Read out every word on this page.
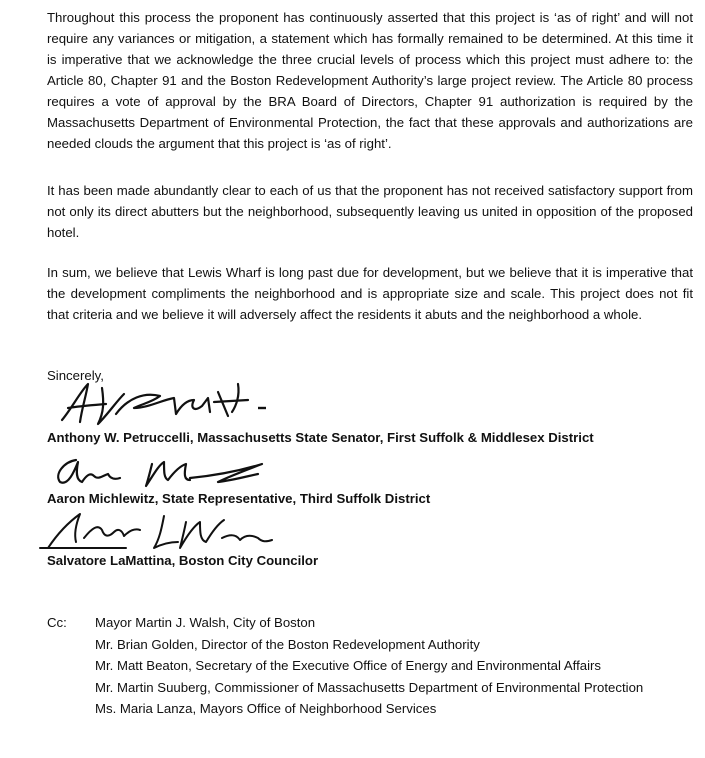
Throughout this process the proponent has continuously asserted that this project is ‘as of right’ and will not require any variances or mitigation, a statement which has formally remained to be determined. At this time it is imperative that we acknowledge the three crucial levels of process which this project must adhere to: the Article 80, Chapter 91 and the Boston Redevelopment Authority’s large project review. The Article 80 process requires a vote of approval by the BRA Board of Directors, Chapter 91 authorization is required by the Massachusetts Department of Environmental Protection, the fact that these approvals and authorizations are needed clouds the argument that this project is ‘as of right’.

It has been made abundantly clear to each of us that the proponent has not received satisfactory support from not only its direct abutters but the neighborhood, subsequently leaving us united in opposition of the proposed hotel.

In sum, we believe that Lewis Wharf is long past due for development, but we believe that it is imperative that the development compliments the neighborhood and is appropriate size and scale. This project does not fit that criteria and we believe it will adversely affect the residents it abuts and the neighborhood a whole.

Sincerely,

Anthony W. Petruccelli, Massachusetts State Senator, First Suffolk & Middlesex District

Aaron Michlewitz, State Representative, Third Suffolk District

Salvatore LaMattina, Boston City Councilor

Cc: Mayor Martin J. Walsh, City of Boston
Mr. Brian Golden, Director of the Boston Redevelopment Authority
Mr. Matt Beaton, Secretary of the Executive Office of Energy and Environmental Affairs
Mr. Martin Suuberg, Commissioner of Massachusetts Department of Environmental Protection
Ms. Maria Lanza, Mayors Office of Neighborhood Services
